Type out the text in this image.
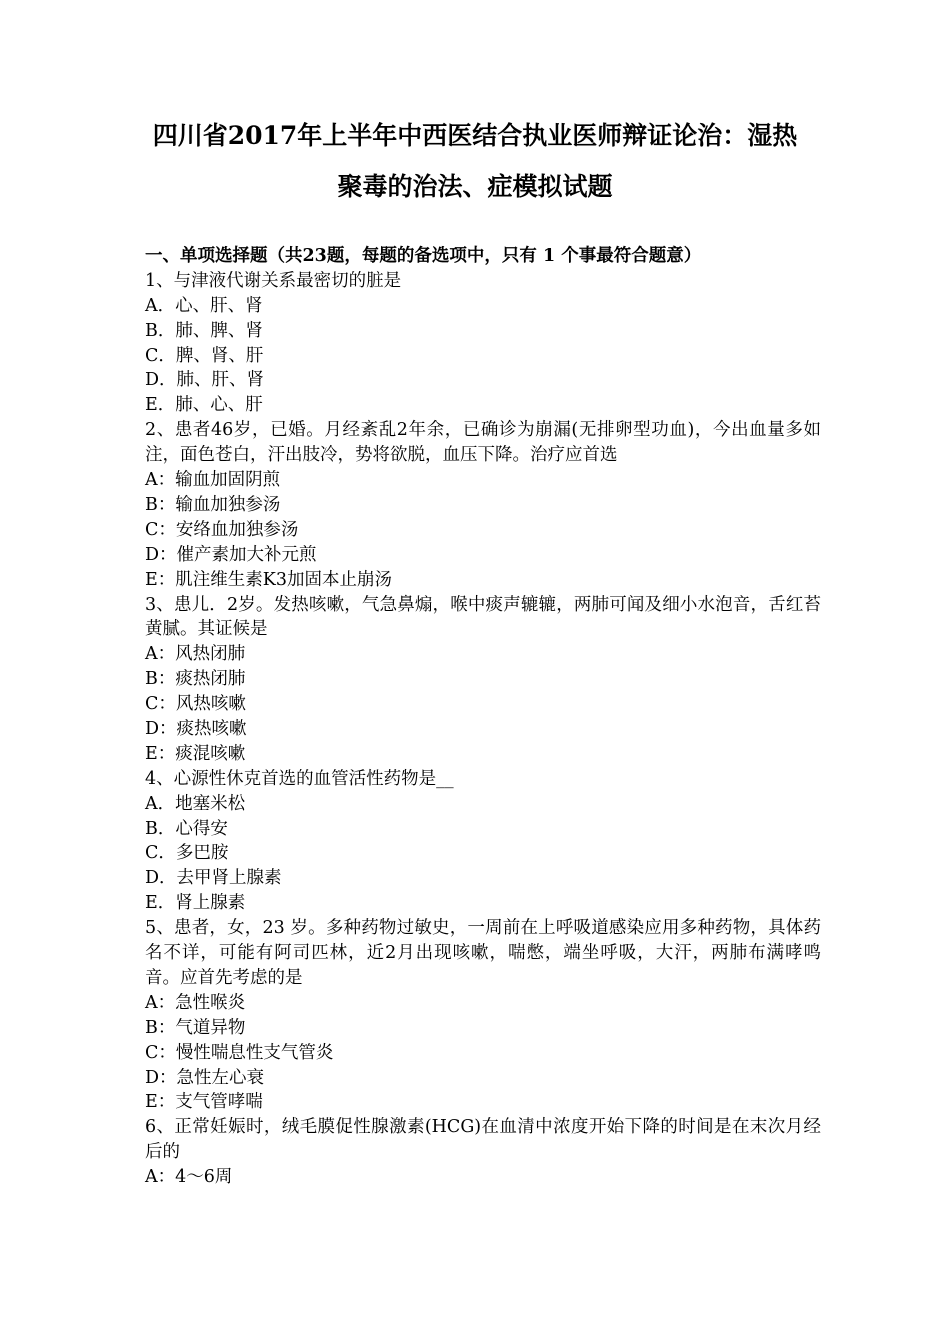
四川省2017年上半年中西医结合执业医师辩证论治：湿热
聚毒的治法、症模拟试题
一、单项选择题（共23题，每题的备选项中，只有 1 个事最符合题意）
1、与津液代谢关系最密切的脏是
A．心、肝、肾
B．肺、脾、肾
C．脾、肾、肝
D．肺、肝、肾
E．肺、心、肝
2、患者46岁，已婚。月经紊乱2年余，已确诊为崩漏(无排卵型功血)，今出血量多如注，面色苍白，汗出肢冷，势将欲脱，血压下降。治疗应首选
A：输血加固阴煎
B：输血加独参汤
C：安络血加独参汤
D：催产素加大补元煎
E：肌注维生素K3加固本止崩汤
3、患儿．2岁。发热咳嗽，气急鼻煽，喉中痰声辘辘，两肺可闻及细小水泡音，舌红苔黄腻。其证候是
A：风热闭肺
B：痰热闭肺
C：风热咳嗽
D：痰热咳嗽
E：痰混咳嗽
4、心源性休克首选的血管活性药物是__
A．地塞米松
B．心得安
C．多巴胺
D．去甲肾上腺素
E．肾上腺素
5、患者，女，23 岁。多种药物过敏史，一周前在上呼吸道感染应用多种药物，具体药名不详，可能有阿司匹林，近2月出现咳嗽，喘憋，端坐呼吸，大汗，两肺布满哮鸣音。应首先考虑的是
A：急性喉炎
B：气道异物
C：慢性喘息性支气管炎
D：急性左心衰
E：支气管哮喘
6、正常妊娠时，绒毛膜促性腺激素(HCG)在血清中浓度开始下降的时间是在末次月经后的
A：4～6周
